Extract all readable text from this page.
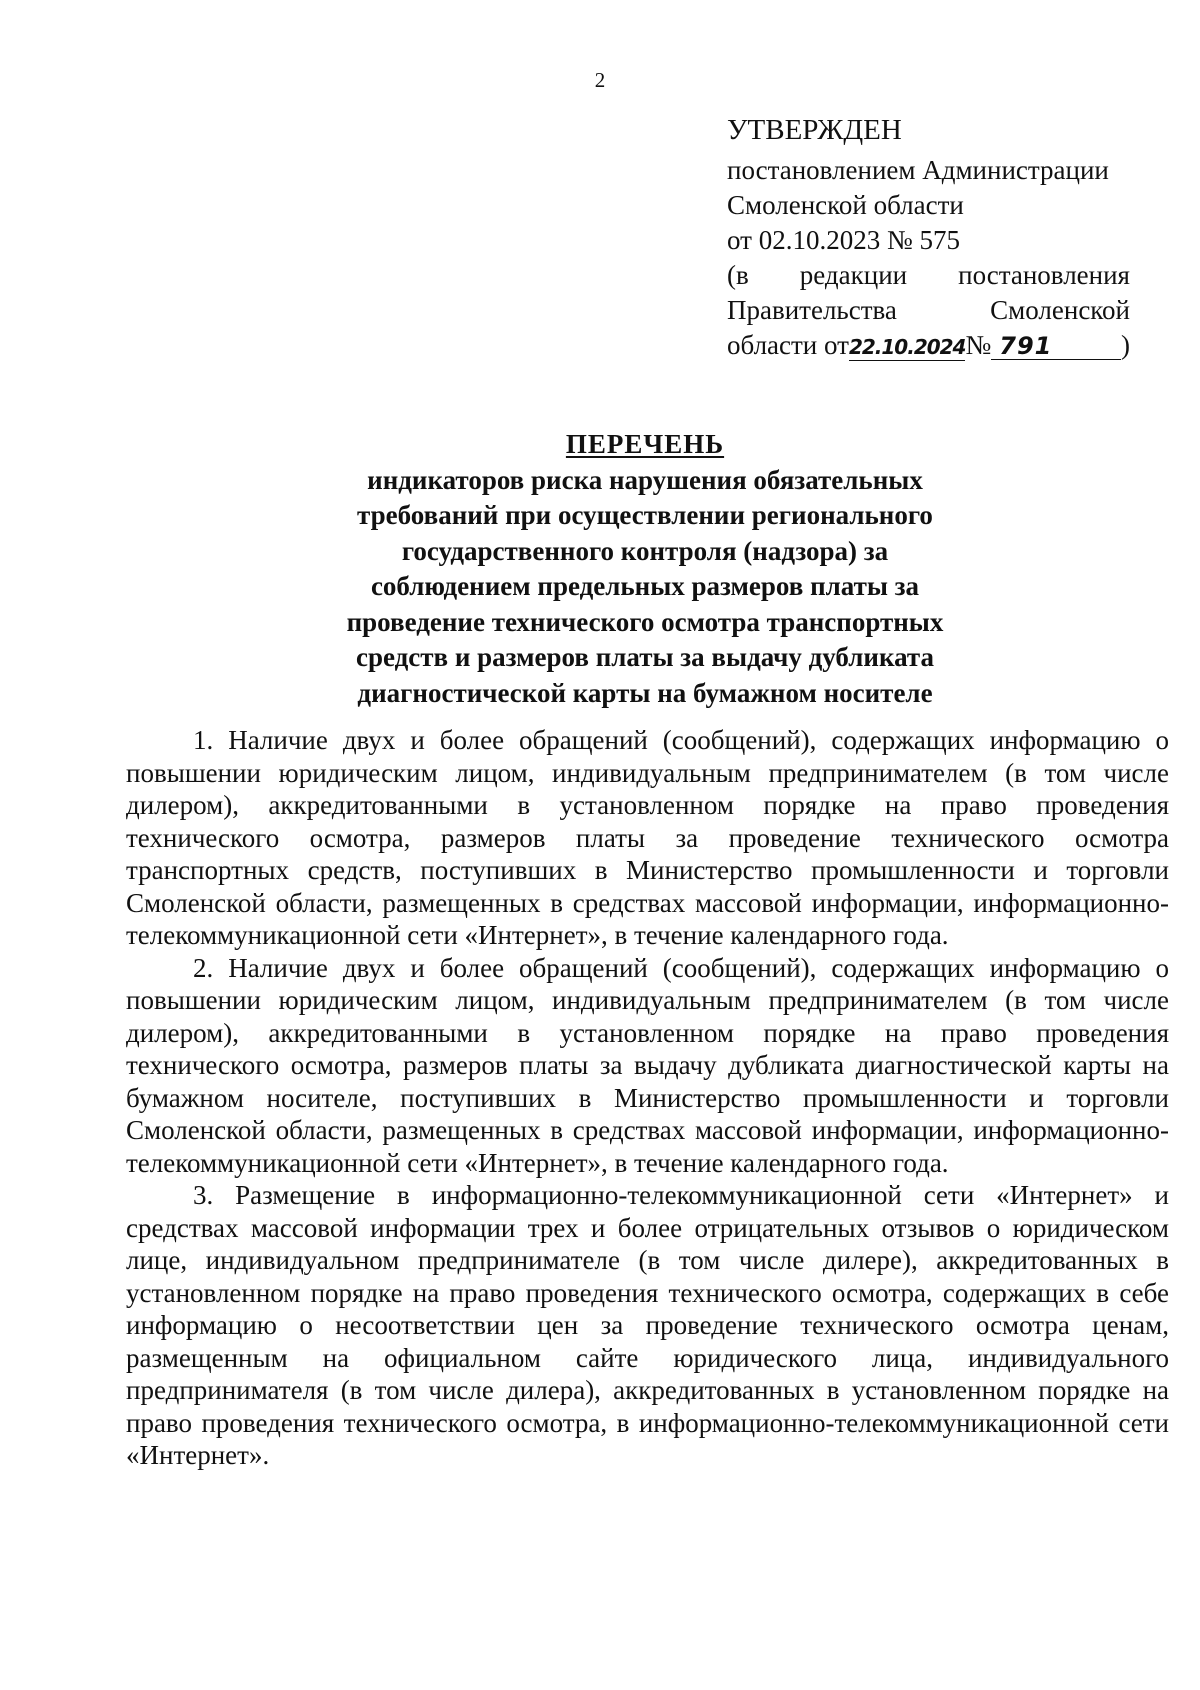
2
УТВЕРЖДЕН
постановлением Администрации
Смоленской области
от 02.10.2023 № 575
(в редакции постановления
Правительства	Смоленской
области от 22.10.2024 № 791	)
ПЕРЕЧЕНЬ
индикаторов риска нарушения обязательных
требований при осуществлении регионального
государственного контроля (надзора) за
соблюдением предельных размеров платы за
проведение технического осмотра транспортных
средств и размеров платы за выдачу дубликата
диагностической карты на бумажном носителе

1. Наличие двух и более обращений (сообщений), содержащих информацию о повышении юридическим лицом, индивидуальным предпринимателем (в том числе дилером), аккредитованными в установленном порядке на право проведения технического осмотра, размеров платы за проведение технического осмотра транспортных средств, поступивших в Министерство промышленности и торговли Смоленской области, размещенных в средствах массовой информации, информационно-телекоммуникационной сети «Интернет», в течение календарного года.

2. Наличие двух и более обращений (сообщений), содержащих информацию о повышении юридическим лицом, индивидуальным предпринимателем (в том числе дилером), аккредитованными в установленном порядке на право проведения технического осмотра, размеров платы за выдачу дубликата диагностической карты на бумажном носителе, поступивших в Министерство промышленности и торговли Смоленской области, размещенных в средствах массовой информации, информационно-телекоммуникационной сети «Интернет», в течение календарного года.

3. Размещение в информационно-телекоммуникационной сети «Интернет» и средствах массовой информации трех и более отрицательных отзывов о юридическом лице, индивидуальном предпринимателе (в том числе дилере), аккредитованных в установленном порядке на право проведения технического осмотра, содержащих в себе информацию о несоответствии цен за проведение технического осмотра ценам, размещенным на официальном сайте юридического лица, индивидуального предпринимателя (в том числе дилера), аккредитованных в установленном порядке на право проведения технического осмотра, в информационно-телекоммуникационной сети «Интернет».
